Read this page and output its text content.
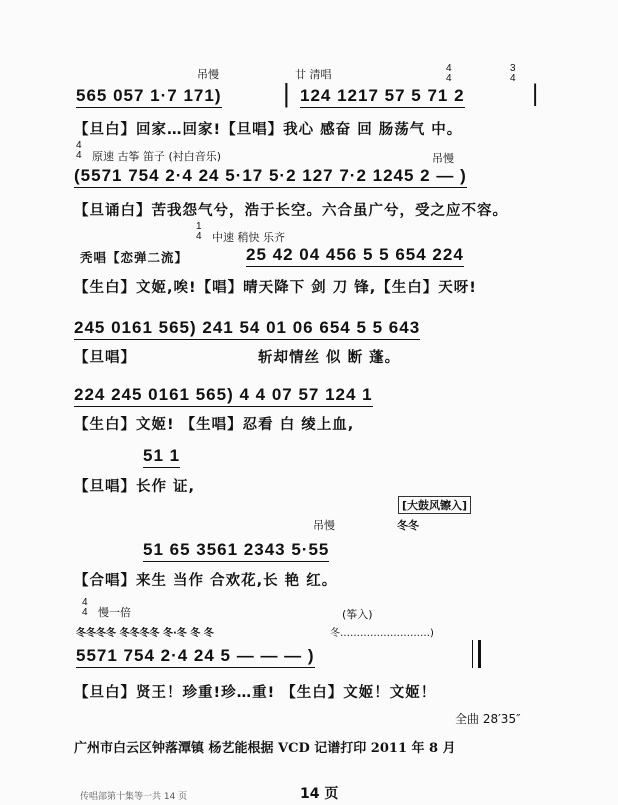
吊慢	廿 清唱	4
4
3
4
565 057 1·7 171) | 124 1217 57 5 71 2	|
【旦白】回家…回家!【旦唱】我心 感奋 回 肠荡气 中。
4
4 原速 古筝 笛子 (衬白音乐)	吊慢
(5571 754 2·4 24 5·17 5·2 127 7·2 1245 2 — )
【旦诵白】苦我怨气兮，浩于长空。六合虽广兮，受之应不容。
1
4 中速 稍快 乐齐
秃唱【恋弹二流】	25 42 04 456 5 5 654 224
【生白】文姬,唉!【唱】晴天降下 剑 刀 锋,【生白】天呀!
245 0161 565) 241 54 01 06 654 5 5 643
【旦唱】	斩却情丝 似 断 蓬。
224 245 0161 565) 4 4 07 57 124 1
【生白】文姬! 【生唱】忍看 白 绫上血,
51 1
【旦唱】长作 证,
[大鼓风镲入]
吊慢	冬冬
51 65 3561 2343 5·55
【合唱】来生 当作 合欢花,长 艳 红。
4
4 慢一倍	(筝入)
冬冬冬冬 冬冬冬冬 冬·冬 冬 冬	冬………………………)
5571 754 2·4 24 5 — — — )
【旦白】贤王！珍重!珍…重! 【生白】文姬！文姬！
全曲 28′35″
广州市白云区钟落潭镇 杨艺能根据 VCD 记谱打印 2011 年 8 月
传唱部第十集等一共 14 页	14 页
